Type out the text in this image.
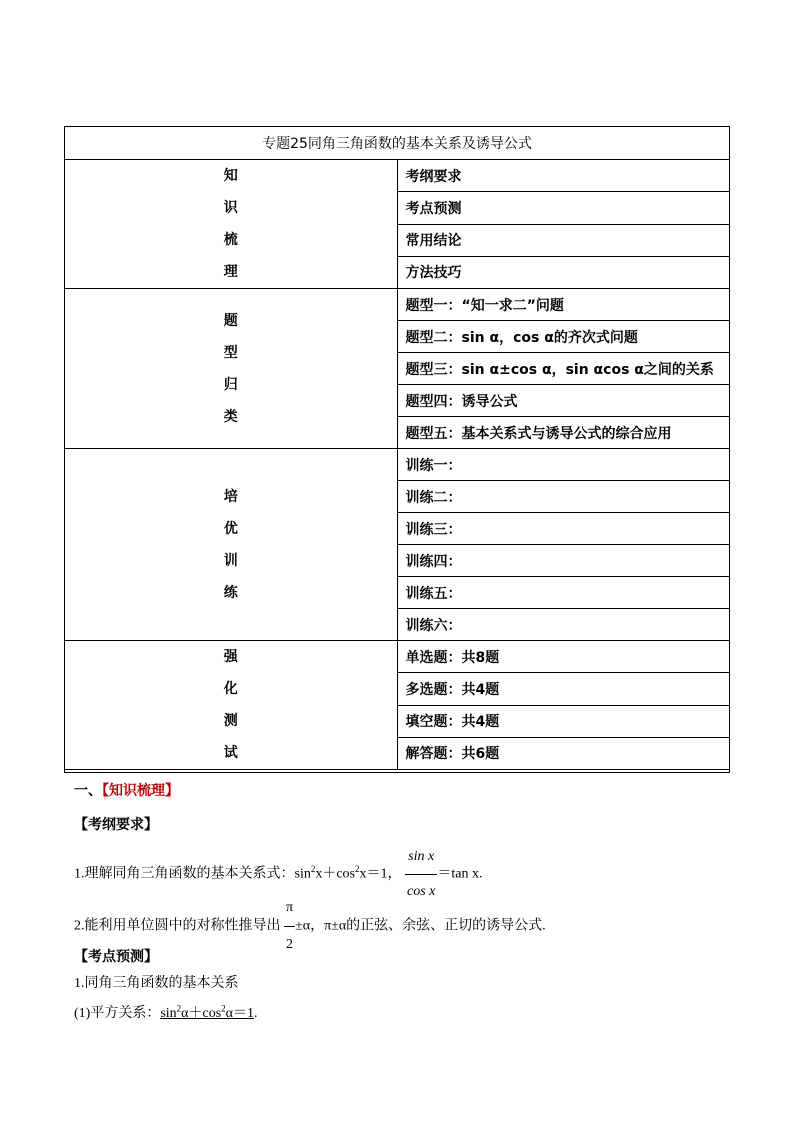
专题25同角三角函数的基本关系及诱导公式	

知
识
梳
理	考纲要求
	考点预测
	常用结论
	方法技巧

题
型
归
类	题型一：“知一求二”问题
	题型二：sin α，cos α的齐次式问题
	题型三：sin α±cos α，sin αcos α之间的关系
	题型四：诱导公式
	题型五：基本关系式与诱导公式的综合应用

培
优
训
练	训练一：
	训练二：
	训练三：
	训练四：
	训练五：
	训练六：

强
化
测
试	单选题：共8题
	多选题：共4题
	填空题：共4题
	解答题：共6题
一、【知识梳理】
【考纲要求】
1.理解同角三角函数的基本关系式：$\sin^2x+\cos^2x=1$， $\frac{\text{sin x}}{\text{cos x}} =\tan$ x.
2.能利用单位圆中的对称性推导出 $\frac{\pi}{2} \pm\alpha$，π±α的正弦、余弦、正切的诱导公式.
【考点预测】
1.同角三角函数的基本关系
(1)平方关系：$\sin^2\alpha+\cos^2\alpha=1$.
